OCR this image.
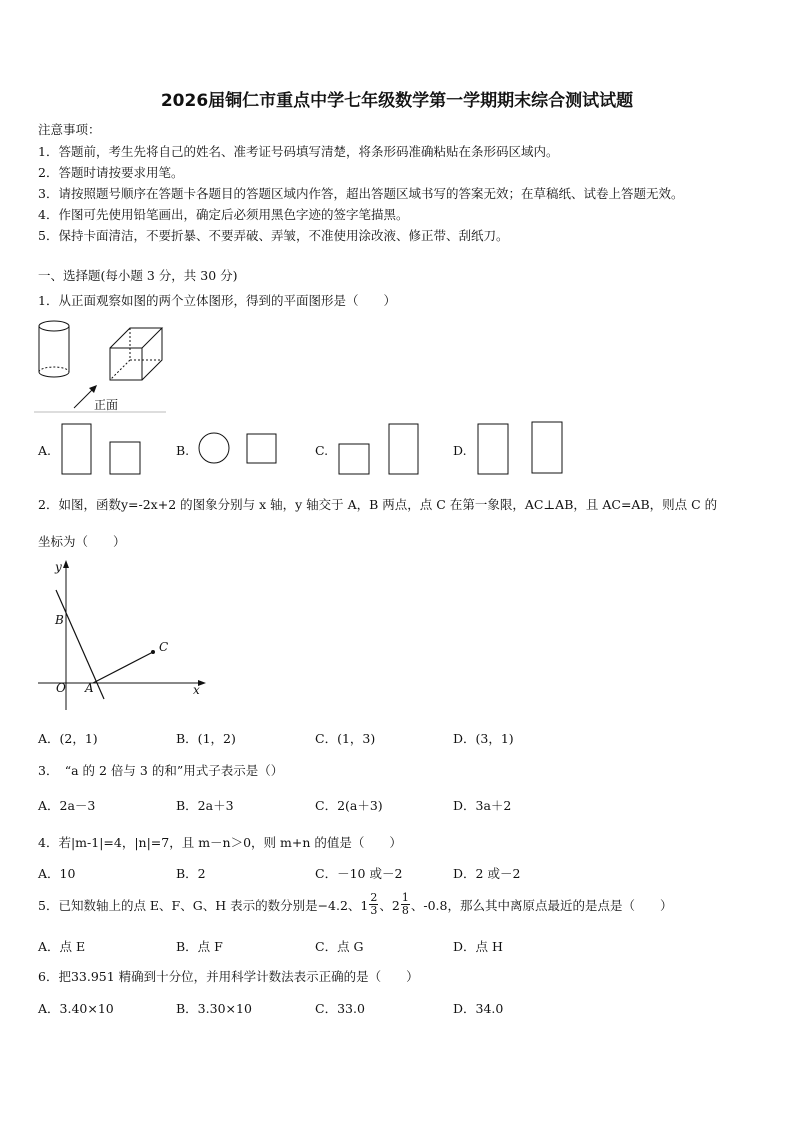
2026届铜仁市重点中学七年级数学第一学期期末综合测试试题
注意事项：
1．答题前，考生先将自己的姓名、准考证号码填写清楚，将条形码准确粘贴在条形码区域内。
2．答题时请按要求用笔。
3．请按照题号顺序在答题卡各题目的答题区域内作答，超出答题区域书写的答案无效；在草稿纸、试卷上答题无效。
4．作图可先使用铅笔画出，确定后必须用黑色字迹的签字笔描黑。
5．保持卡面清洁，不要折暴、不要弄破、弄皱，不准使用涂改液、修正带、刮纸刀。
一、选择题(每小题 3 分，共 30 分)
1．从正面观察如图的两个立体图形，得到的平面图形是（　　）
正面
A.	B.	C.	D.
2．如图，函数y=-2x+2 的图象分别与 x 轴，y 轴交于 A，B 两点，点 C 在第一象限，AC⊥AB，且 AC=AB，则点 C 的
坐标为（　　）
y
x
B
O A
C
A．(2，1)	B．(1，2)	C．(1，3)	D．(3，1)
3．　“a 的 2 倍与 3 的和”用式子表示是（）
A．2a－3	B．2a＋3	C．2(a＋3)	D．3a＋2
4．若|m-1|=4，|n|=7，且 m－n＞0，则 m+n 的值是（　　）
A．10	B．2	C．－10 或－2	D．2 或－2
5．已知数轴上的点 E、F、G、H 表示的数分别是−4.2、$1 \frac{2}{3}$ 、$2 \frac{1}{8}$ 、-0.8，那么其中离原点最近的是点是（　　）
A．点 E	B．点 F	C．点 G	D．点 H
6．把33.951 精确到十分位，并用科学计数法表示正确的是（　　）
A．3.40×10	B．3.30×10	C．33.0	D．34.0
